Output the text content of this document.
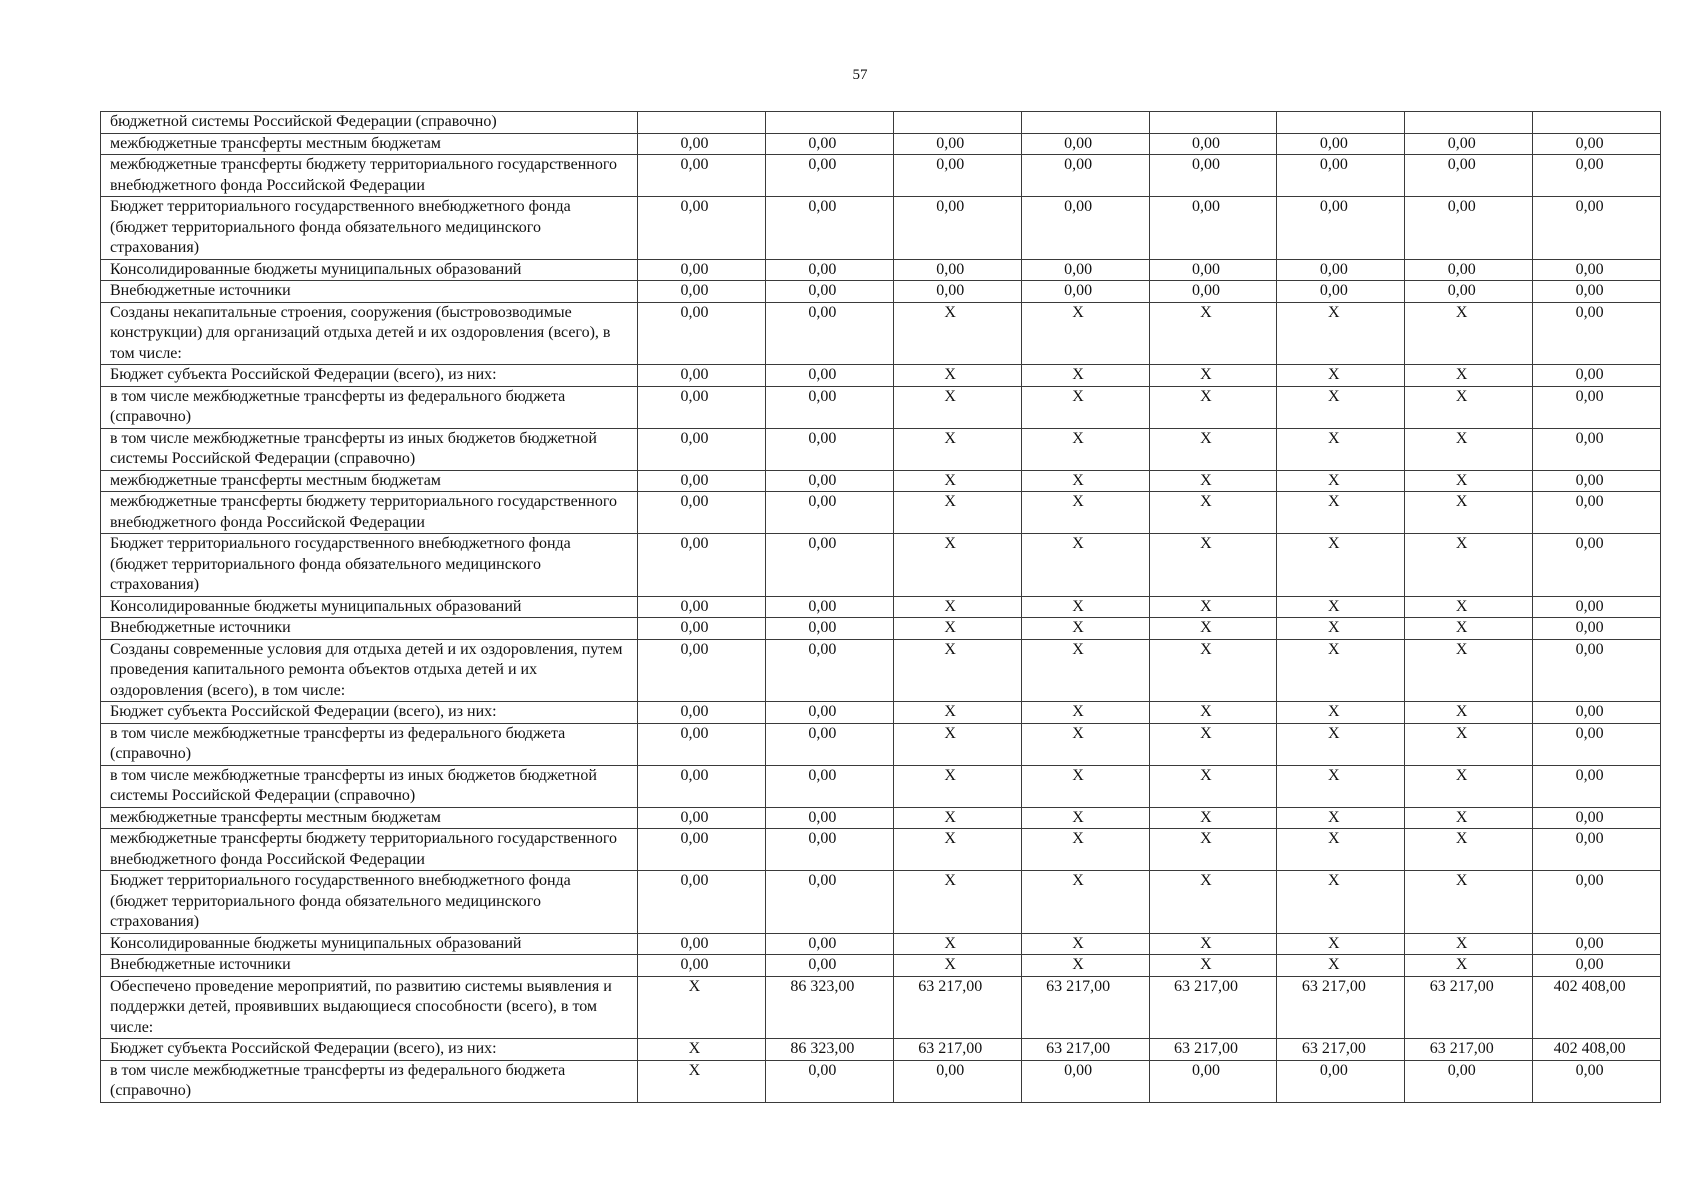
57
бюджетной системы Российской Федерации (справочно)								
межбюджетные трансферты местным бюджетам	0,00	0,00	0,00	0,00	0,00	0,00	0,00	0,00
межбюджетные трансферты бюджету территориального государственного внебюджетного фонда Российской Федерации	0,00	0,00	0,00	0,00	0,00	0,00	0,00	0,00
Бюджет территориального государственного внебюджетного фонда (бюджет территориального фонда обязательного медицинского страхования)	0,00	0,00	0,00	0,00	0,00	0,00	0,00	0,00
Консолидированные бюджеты муниципальных образований	0,00	0,00	0,00	0,00	0,00	0,00	0,00	0,00
Внебюджетные источники	0,00	0,00	0,00	0,00	0,00	0,00	0,00	0,00
Созданы некапитальные строения, сооружения (быстровозводимые конструкции) для организаций отдыха детей и их оздоровления (всего), в том числе:	0,00	0,00	X	X	X	X	X	0,00
Бюджет субъекта Российской Федерации (всего), из них:	0,00	0,00	X	X	X	X	X	0,00
в том числе межбюджетные трансферты из федерального бюджета (справочно)	0,00	0,00	X	X	X	X	X	0,00
в том числе межбюджетные трансферты из иных бюджетов бюджетной системы Российской Федерации (справочно)	0,00	0,00	X	X	X	X	X	0,00
межбюджетные трансферты местным бюджетам	0,00	0,00	X	X	X	X	X	0,00
межбюджетные трансферты бюджету территориального государственного внебюджетного фонда Российской Федерации	0,00	0,00	X	X	X	X	X	0,00
Бюджет территориального государственного внебюджетного фонда (бюджет территориального фонда обязательного медицинского страхования)	0,00	0,00	X	X	X	X	X	0,00
Консолидированные бюджеты муниципальных образований	0,00	0,00	X	X	X	X	X	0,00
Внебюджетные источники	0,00	0,00	X	X	X	X	X	0,00
Созданы современные условия для отдыха детей и их оздоровления, путем проведения капитального ремонта объектов отдыха детей и их оздоровления (всего), в том числе:	0,00	0,00	X	X	X	X	X	0,00
Бюджет субъекта Российской Федерации (всего), из них:	0,00	0,00	X	X	X	X	X	0,00
в том числе межбюджетные трансферты из федерального бюджета (справочно)	0,00	0,00	X	X	X	X	X	0,00
в том числе межбюджетные трансферты из иных бюджетов бюджетной системы Российской Федерации (справочно)	0,00	0,00	X	X	X	X	X	0,00
межбюджетные трансферты местным бюджетам	0,00	0,00	X	X	X	X	X	0,00
межбюджетные трансферты бюджету территориального государственного внебюджетного фонда Российской Федерации	0,00	0,00	X	X	X	X	X	0,00
Бюджет территориального государственного внебюджетного фонда (бюджет территориального фонда обязательного медицинского страхования)	0,00	0,00	X	X	X	X	X	0,00
Консолидированные бюджеты муниципальных образований	0,00	0,00	X	X	X	X	X	0,00
Внебюджетные источники	0,00	0,00	X	X	X	X	X	0,00
Обеспечено проведение мероприятий, по развитию системы выявления и поддержки детей, проявивших выдающиеся способности (всего), в том числе:	X	86 323,00	63 217,00	63 217,00	63 217,00	63 217,00	63 217,00	402 408,00
Бюджет субъекта Российской Федерации (всего), из них:	X	86 323,00	63 217,00	63 217,00	63 217,00	63 217,00	63 217,00	402 408,00
в том числе межбюджетные трансферты из федерального бюджета (справочно)	X	0,00	0,00	0,00	0,00	0,00	0,00	0,00
